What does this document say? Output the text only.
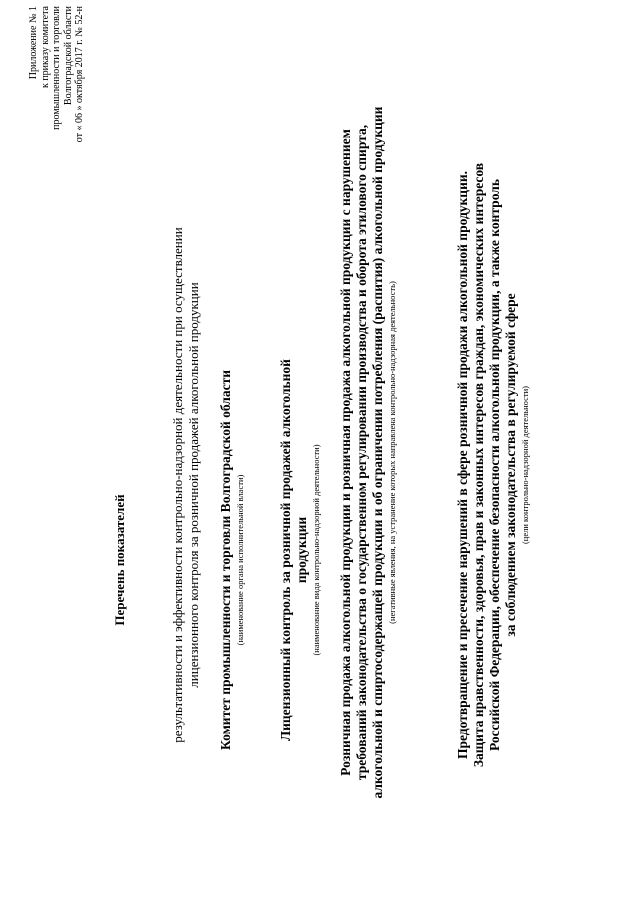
Приложение № 1 к приказу комитета промышленности и торговли Волгоградской области от « 06 » октября 2017 г. № 52-н
Перечень показателей	результативности и эффективности контрольно-надзорной деятельности при осуществлении лицензионного контроля за розничной продажей алкогольной продукции Комитет промышленности и торговли Волгоградской области (наименование органа исполнительной власти) Лицензионный контроль за розничной продажей алкогольной продукции (наименование вида контрольно-надзорной деятельности) Розничная продажа алкогольной продукции и розничная продажа алкогольной продукции с нарушением требований законодательства о государственном регулировании производства и оборота этилового спирта, алкогольной и спиртосодержащей продукции и об ограничении потребления (распития) алкогольной продукции (негативные явления, на устранение которых направлена контрольно-надзорная деятельность)	Предотвращение и пресечение нарушений в сфере розничной продажи алкогольной продукции. Защита нравственности, здоровья, прав и законных интересов граждан, экономических интересов Российской Федерации, обеспечение безопасности алкогольной продукции, а также контроль за соблюдением законодательства в регулируемой сфере (цели контрольно-надзорной деятельности)
